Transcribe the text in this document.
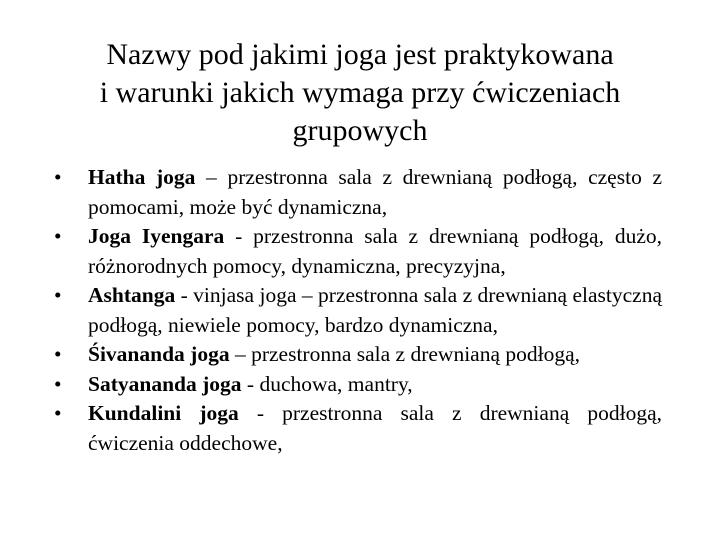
Nazwy pod jakimi joga jest praktykowana
i warunki jakich wymaga przy ćwiczeniach
grupowych
•	Hatha joga – przestronna sala z drewnianą podłogą, często z pomocami, może być dynamiczna,
•	Joga Iyengara - przestronna sala z drewnianą podłogą, dużo, różnorodnych pomocy, dynamiczna, precyzyjna,
•	Ashtanga - vinjasa joga – przestronna sala z drewnianą elastyczną podłogą, niewiele pomocy, bardzo dynamiczna,
•	Śivananda joga – przestronna sala z drewnianą podłogą,
•	Satyananda joga - duchowa, mantry,
•	Kundalini joga - przestronna sala z drewnianą podłogą, ćwiczenia oddechowe,
